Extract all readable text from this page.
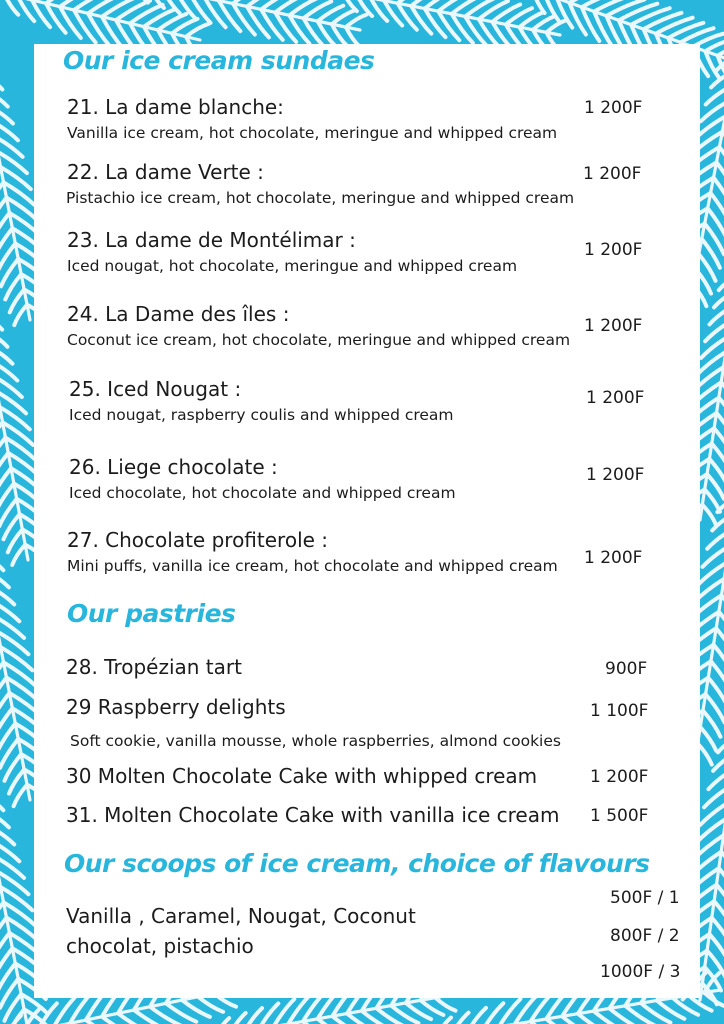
Our ice cream sundaes
21. La dame blanche:
Vanilla ice cream, hot chocolate, meringue and whipped cream
1 200F
22. La dame Verte :
Pistachio ice cream, hot chocolate, meringue and whipped cream
1 200F
23. La dame de Montélimar :
Iced nougat, hot chocolate, meringue and whipped cream
1 200F
24. La Dame des îles :
Coconut ice cream, hot chocolate, meringue and whipped cream
1 200F
25. Iced Nougat :
Iced nougat, raspberry coulis and whipped cream
1 200F
26. Liege chocolate :
Iced chocolate, hot chocolate and whipped cream
1 200F
27. Chocolate profiterole :
Mini puffs, vanilla ice cream, hot chocolate and whipped cream 1 200F
Our pastries
28. Tropézian tart	900F
29 Raspberry delights
Soft cookie, vanilla mousse, whole raspberries, almond cookies
1 100F
30 Molten Chocolate Cake with whipped cream	1 200F
31. Molten Chocolate Cake with vanilla ice cream 1 500F
Our scoops of ice cream, choice of flavours
Vanilla , Caramel, Nougat, Coconut
chocolat, pistachio
500F / 1
800F / 2
1000F / 3
